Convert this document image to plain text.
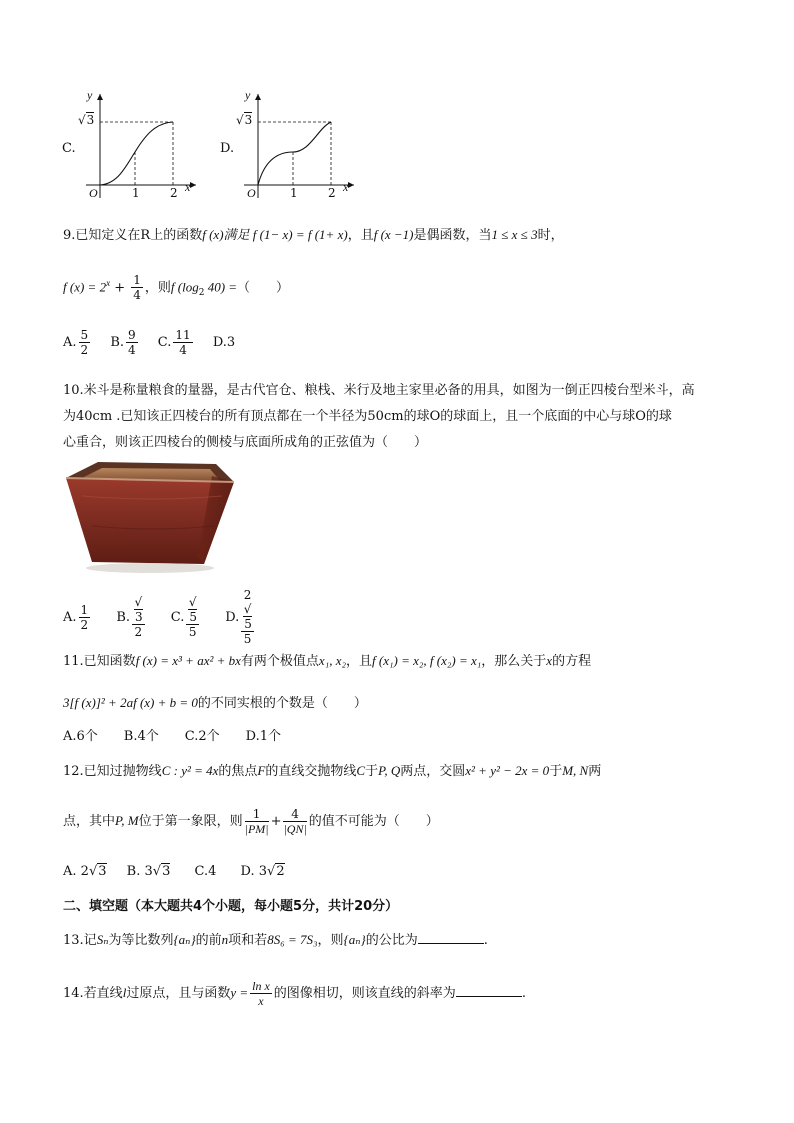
C.
y
√3
O	1	2 x
D.
y
√3
O	1	2 x
9.已知定义在R上的函数f (x)满足 f (1− x) = f (1+ x)，且f (x −1)是偶函数，当1 ≤ x ≤ 3时，
f $(x) = 2^x + \frac{1}{4}$ ，则f ($\log_2$ 40) =（　　）
A. $\frac{5}{2} B$. $\frac{9}{4} C$. $\frac{11}{4} D.3$
10.米斗是称量粮食的量器，是古代官仓、粮栈、米行及地主家里必备的用具，如图为一倒正四棱台型米斗，高
为40cm .已知该正四棱台的所有顶点都在一个半径为50cm的球O的球面上，且一个底面的中心与球O的球
心重合，则该正四棱台的侧棱与底面所成角的正弦值为（　　）
A. $\frac{1}{2} B$. √
3
2 C. √
5
5 D. 2
√
5
5
11.已知函数f (x) = x³ + ax² + bx有两个极值点x₁, x₂，且f (x₁) = x₂, f (x₂) = x₁，那么关于x的方程
3[f (x)]² + 2af (x) + b = 0的不同实根的个数是（　　）
A.6个　　B.4个　　C.2个　　D.1个
12.已知过抛物线C : y² = 4x的焦点F的直线交抛物线C于P, Q两点，交圆x² + y² − 2x = 0于M, N两
点，其中P, M位于第一象限，则 $\frac{1}{|PM|} + \frac{4}{|QN|}$ 的值不可能为（　　）
A. 2√3 B. 3√3 C.4 D. 3√2
二、填空题（本大题共4个小题，每小题5分，共计20分）
13.记Sₙ为等比数列{aₙ}的前n项和若8S₆ = 7S₃，则{aₙ}的公比为	.
14.若直线l过原点，且与函数$y = \frac{\text{ln x}}{x}$ 的图像相切，则该直线的斜率为	.
